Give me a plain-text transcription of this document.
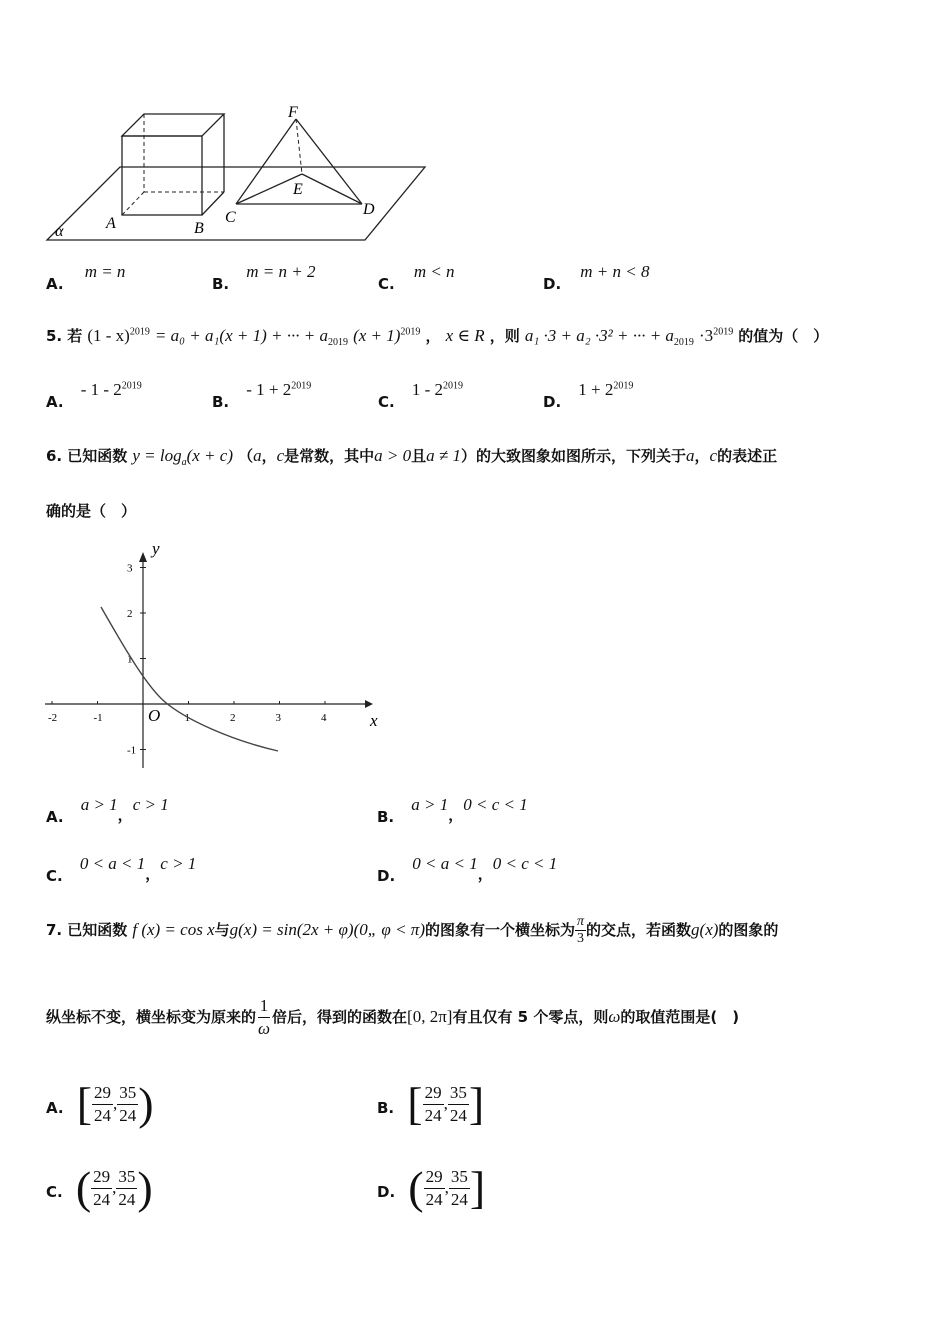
F
E
A	B
C	D
α
A. m = n
B. m = n + 2
C. m < n
D. m + n < 8
5. 若 (1 - x)$^{2019}$ = a₀ + a₁(x + 1) + ··· + $a_{2019}$ $(x + 1)^{2019}$ ， x ∈ R ，则 a₁ ·3 + a₂ ·3² + ··· + $a_{2019} \cdot 3^{2019}$ 的值为（　）
A. - $1 - 2^{2019}$
B. - $1 + 2^{2019}$
C. $1 - 2^{2019}$
D. $1 + 2^{2019}$
6. 已知函数 $y = \log_a(x + c)$ （a，c是常数，其中a > 0且a ≠ 1）的大致图象如图所示，下列关于a，c的表述正
确的是（　）
-2	-1	1	2	3	4
3
2
1
-1
O	x
y
A. a > 1，c > 1
B. a > 1，0 < c < 1
C. 0 < a < 1，c > 1
D. 0 < a < 1，0 < c < 1
7. 已知函数 f (x) = cos x与g(x) = sin(2x + φ)(0„ φ < π)的图象有一个横坐标为 $\frac{\pi}{3}$ 的交点，若函数g(x)的图象的
纵坐标不变，横坐标变为原来的 $\frac{1}{\omega}$ 倍后，得到的函数在[0, 2π]有且仅有 5 个零点，则ω的取值范围是(　)
A. [ $\frac{29}{24}$ , $\frac{35}{24}$ )	B. [ $\frac{29}{24}$ , $\frac{35}{24}$ ]
C. ( $\frac{29}{24}$ , $\frac{35}{24}$ )	D. ( $\frac{29}{24}$ , $\frac{35}{24}$ ]
